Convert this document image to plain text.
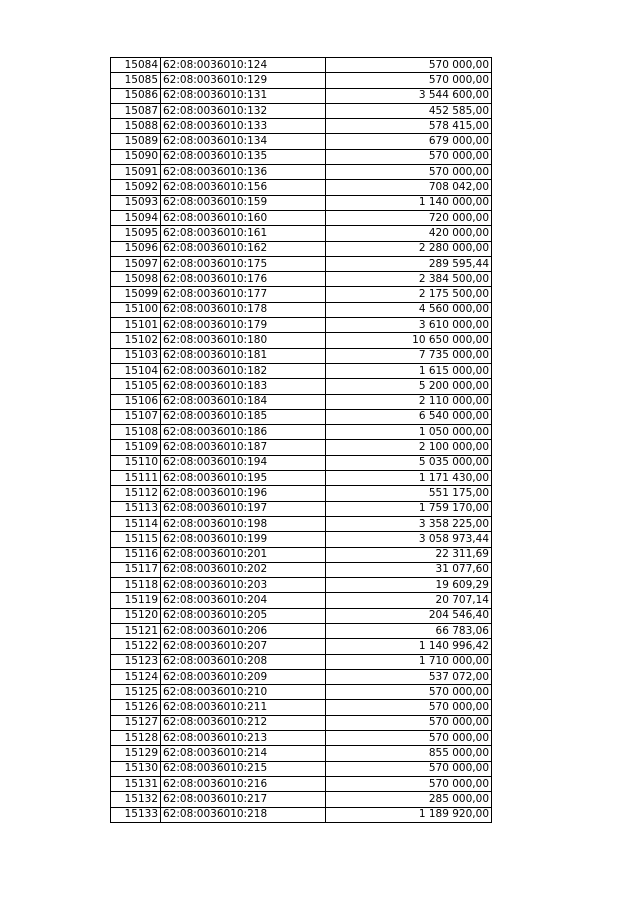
15084	62:08:0036010:124	570 000,00
15085	62:08:0036010:129	570 000,00
15086	62:08:0036010:131	3 544 600,00
15087	62:08:0036010:132	452 585,00
15088	62:08:0036010:133	578 415,00
15089	62:08:0036010:134	679 000,00
15090	62:08:0036010:135	570 000,00
15091	62:08:0036010:136	570 000,00
15092	62:08:0036010:156	708 042,00
15093	62:08:0036010:159	1 140 000,00
15094	62:08:0036010:160	720 000,00
15095	62:08:0036010:161	420 000,00
15096	62:08:0036010:162	2 280 000,00
15097	62:08:0036010:175	289 595,44
15098	62:08:0036010:176	2 384 500,00
15099	62:08:0036010:177	2 175 500,00
15100	62:08:0036010:178	4 560 000,00
15101	62:08:0036010:179	3 610 000,00
15102	62:08:0036010:180	10 650 000,00
15103	62:08:0036010:181	7 735 000,00
15104	62:08:0036010:182	1 615 000,00
15105	62:08:0036010:183	5 200 000,00
15106	62:08:0036010:184	2 110 000,00
15107	62:08:0036010:185	6 540 000,00
15108	62:08:0036010:186	1 050 000,00
15109	62:08:0036010:187	2 100 000,00
15110	62:08:0036010:194	5 035 000,00
15111	62:08:0036010:195	1 171 430,00
15112	62:08:0036010:196	551 175,00
15113	62:08:0036010:197	1 759 170,00
15114	62:08:0036010:198	3 358 225,00
15115	62:08:0036010:199	3 058 973,44
15116	62:08:0036010:201	22 311,69
15117	62:08:0036010:202	31 077,60
15118	62:08:0036010:203	19 609,29
15119	62:08:0036010:204	20 707,14
15120	62:08:0036010:205	204 546,40
15121	62:08:0036010:206	66 783,06
15122	62:08:0036010:207	1 140 996,42
15123	62:08:0036010:208	1 710 000,00
15124	62:08:0036010:209	537 072,00
15125	62:08:0036010:210	570 000,00
15126	62:08:0036010:211	570 000,00
15127	62:08:0036010:212	570 000,00
15128	62:08:0036010:213	570 000,00
15129	62:08:0036010:214	855 000,00
15130	62:08:0036010:215	570 000,00
15131	62:08:0036010:216	570 000,00
15132	62:08:0036010:217	285 000,00
15133	62:08:0036010:218	1 189 920,00
